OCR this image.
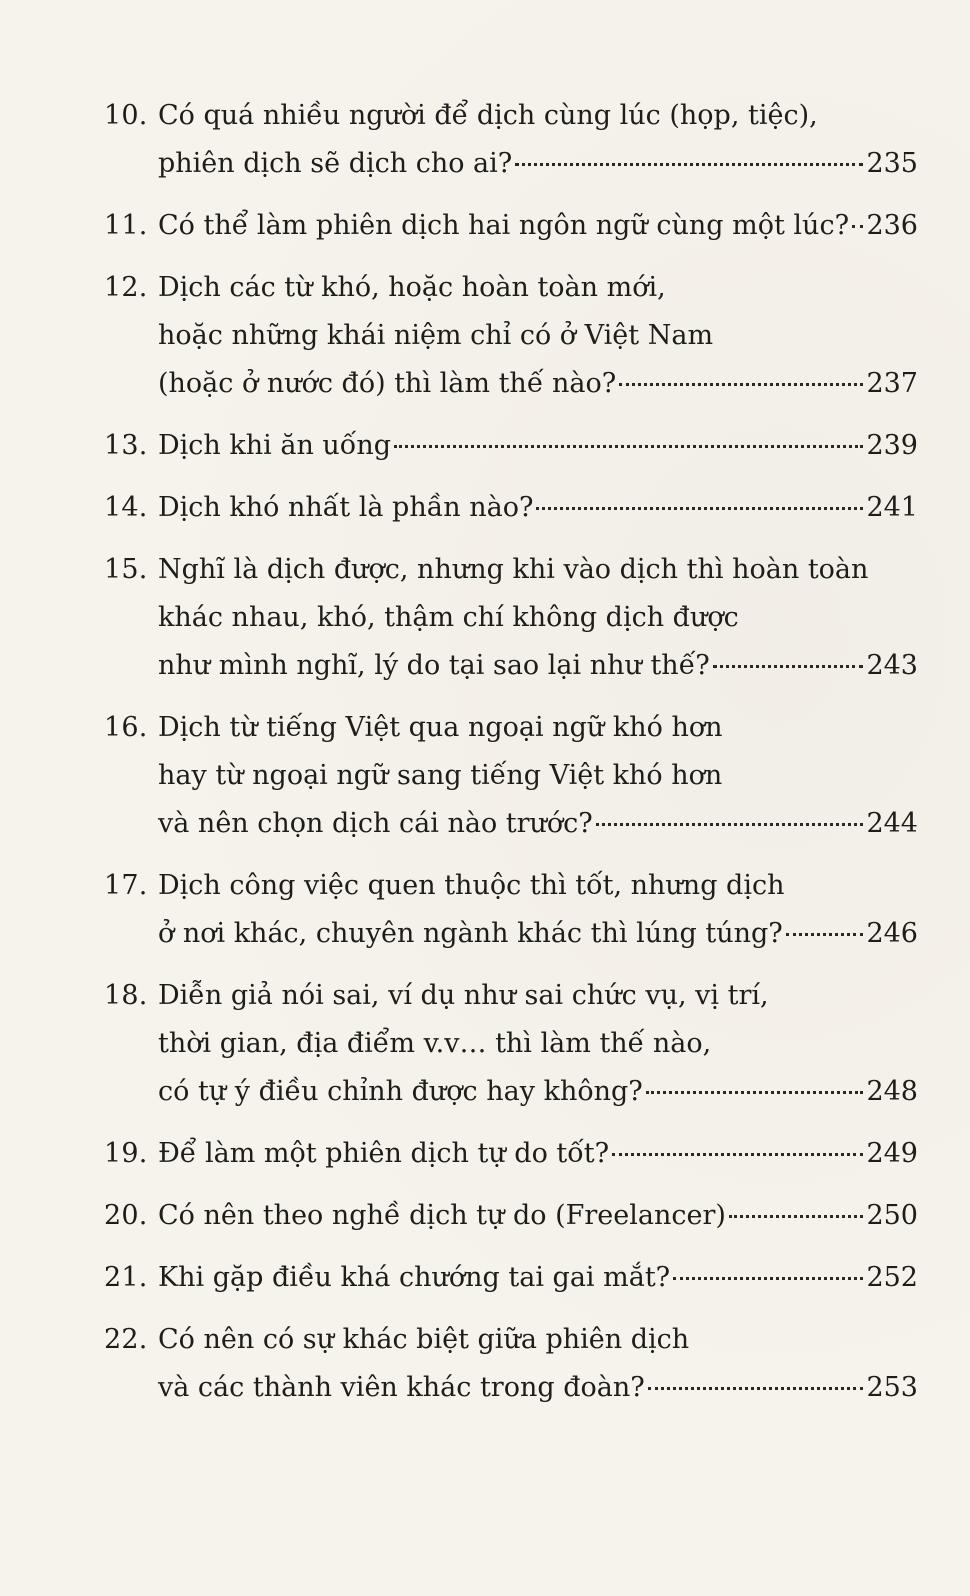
10. Có quá nhiều người để dịch cùng lúc (họp, tiệc),
phiên dịch sẽ dịch cho ai?	235
11. Có thể làm phiên dịch hai ngôn ngữ cùng một lúc? 236
12. Dịch các từ khó, hoặc hoàn toàn mới,
hoặc những khái niệm chỉ có ở Việt Nam
(hoặc ở nước đó) thì làm thế nào?	237
13. Dịch khi ăn uống	239
14. Dịch khó nhất là phần nào?	241
15. Nghĩ là dịch được, nhưng khi vào dịch thì hoàn toàn
khác nhau, khó, thậm chí không dịch được
như mình nghĩ, lý do tại sao lại như thế?	243
16. Dịch từ tiếng Việt qua ngoại ngữ khó hơn
hay từ ngoại ngữ sang tiếng Việt khó hơn
và nên chọn dịch cái nào trước?	244
17. Dịch công việc quen thuộc thì tốt, nhưng dịch
ở nơi khác, chuyên ngành khác thì lúng túng?	246
18. Diễn giả nói sai, ví dụ như sai chức vụ, vị trí,
thời gian, địa điểm v.v… thì làm thế nào,
có tự ý điều chỉnh được hay không?	248
19. Để làm một phiên dịch tự do tốt?	249
20. Có nên theo nghề dịch tự do (Freelancer)	250
21. Khi gặp điều khá chướng tai gai mắt?	252
22. Có nên có sự khác biệt giữa phiên dịch
và các thành viên khác trong đoàn?	253
